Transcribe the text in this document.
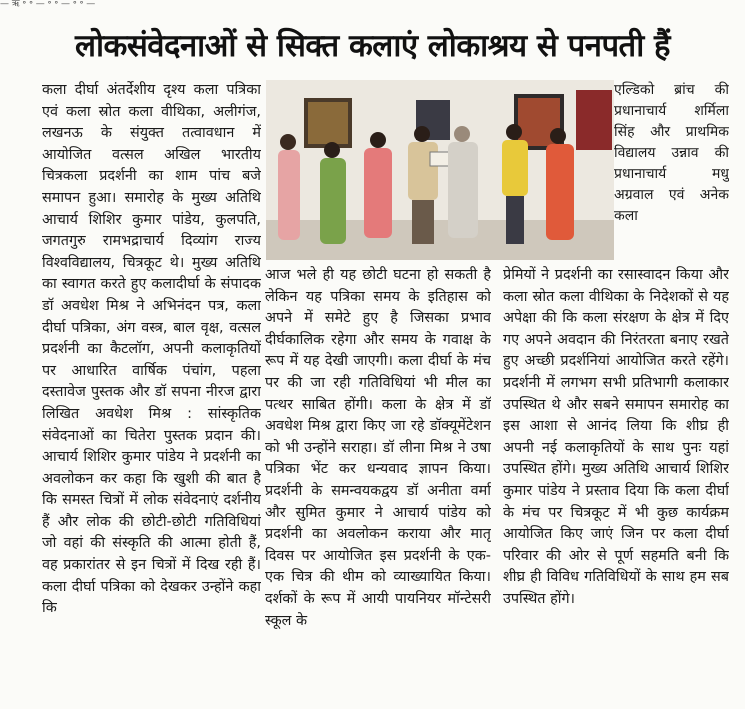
— ऋ ॰ ॰ — ॰ ॰ — ॰ ॰ —
लोकसंवेदनाओं से सिक्त कलाएं लोकाश्रय से पनपती हैं

कला दीर्घा अंतर्देशीय दृश्य कला पत्रिका एवं कला स्रोत कला वीथिका, अलीगंज, लखनऊ के संयुक्त तत्वावधान में आयोजित वत्सल अखिल भारतीय चित्रकला प्रदर्शनी का शाम पांच बजे समापन हुआ। समारोह के मुख्य अतिथि आचार्य शिशिर कुमार पांडेय, कुलपति, जगतगुरु रामभद्राचार्य दिव्यांग राज्य विश्वविद्यालय, चित्रकूट थे। मुख्य अतिथि का स्वागत करते हुए कलादीर्घा के संपादक डॉ अवधेश मिश्र ने अभिनंदन पत्र, कला दीर्घा पत्रिका, अंग वस्त्र, बाल वृक्ष, वत्सल प्रदर्शनी का कैटलॉग, अपनी कलाकृतियों पर आधारित वार्षिक पंचांग, पहला दस्तावेज पुस्तक और डॉ सपना नीरज द्वारा लिखित अवधेश मिश्र : सांस्कृतिक संवेदनाओं का चितेरा पुस्तक प्रदान की। आचार्य शिशिर कुमार पांडेय ने प्रदर्शनी का अवलोकन कर कहा कि खुशी की बात है कि समस्त चित्रों में लोक संवेदनाएं दर्शनीय हैं और लोक की छोटी-छोटी गतिविधियां जो वहां की संस्कृति की आत्मा होती हैं, वह प्रकारांतर से इन चित्रों में दिख रही हैं। कला दीर्घा पत्रिका को देखकर उन्होंने कहा कि

एल्डिको ब्रांच की प्रधानाचार्य शर्मिला सिंह और प्राथमिक विद्यालय उन्नाव की प्रधानाचार्य मधु अग्रवाल एवं अनेक कला

आज भले ही यह छोटी घटना हो सकती है लेकिन यह पत्रिका समय के इतिहास को अपने में समेटे हुए है जिसका प्रभाव दीर्घकालिक रहेगा और समय के गवाक्ष के रूप में यह देखी जाएगी। कला दीर्घा के मंच पर की जा रही गतिविधियां भी मील का पत्थर साबित होंगी। कला के क्षेत्र में डॉ अवधेश मिश्र द्वारा किए जा रहे डॉक्यूमेंटेशन को भी उन्होंने सराहा। डॉ लीना मिश्र ने उषा पत्रिका भेंट कर धन्यवाद ज्ञापन किया। प्रदर्शनी के समन्वयकद्वय डॉ अनीता वर्मा और सुमित कुमार ने आचार्य पांडेय को प्रदर्शनी का अवलोकन कराया और मातृ दिवस पर आयोजित इस प्रदर्शनी के एक-एक चित्र की थीम को व्याख्यायित किया। दर्शकों के रूप में आयी पायनियर मॉन्टेसरी स्कूल के

प्रेमियों ने प्रदर्शनी का रसास्वादन किया और कला स्रोत कला वीथिका के निदेशकों से यह अपेक्षा की कि कला संरक्षण के क्षेत्र में दिए गए अपने अवदान की निरंतरता बनाए रखते हुए अच्छी प्रदर्शनियां आयोजित करते रहेंगे। प्रदर्शनी में लगभग सभी प्रतिभागी कलाकार उपस्थित थे और सबने समापन समारोह का इस आशा से आनंद लिया कि शीघ्र ही अपनी नई कलाकृतियों के साथ पुनः यहां उपस्थित होंगे। मुख्य अतिथि आचार्य शिशिर कुमार पांडेय ने प्रस्ताव दिया कि कला दीर्घा के मंच पर चित्रकूट में भी कुछ कार्यक्रम आयोजित किए जाएं जिन पर कला दीर्घा परिवार की ओर से पूर्ण सहमति बनी कि शीघ्र ही विविध गतिविधियों के साथ हम सब उपस्थित होंगे।
